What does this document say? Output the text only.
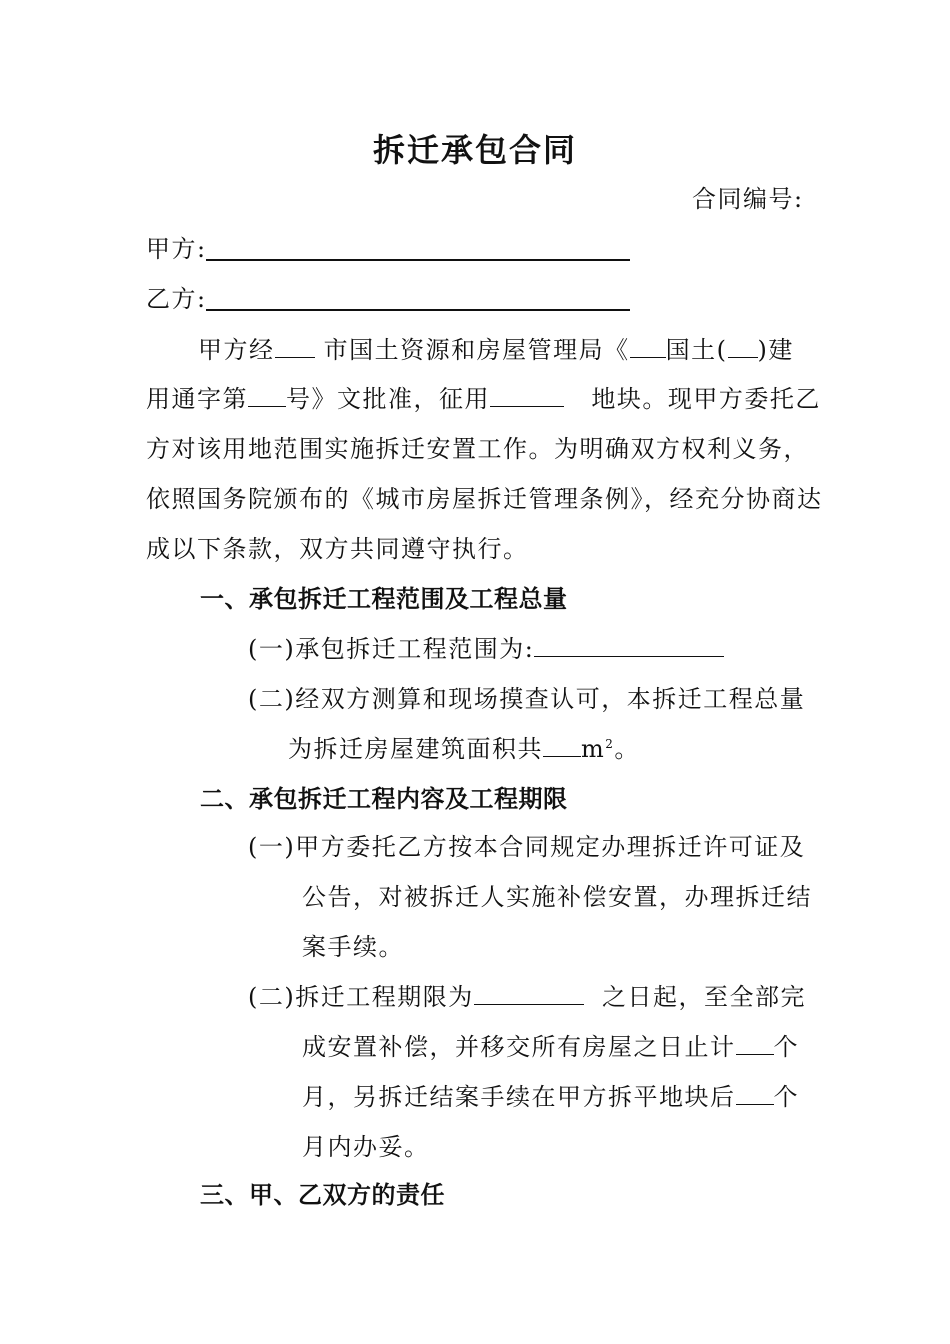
拆迁承包合同
合同编号:
甲方:
乙方:
甲方经 市国土资源和房屋管理局《 国土( )建
用通字第 号》文批准，征用	地块。现甲方委托乙
方对该用地范围实施拆迁安置工作。为明确双方权利义务，
依照国务院颁布的《城市房屋拆迁管理条例》，经充分协商达
成以下条款，双方共同遵守执行。
一、承包拆迁工程范围及工程总量
(一)承包拆迁工程范围为:
(二)经双方测算和现场摸查认可，本拆迁工程总量
为拆迁房屋建筑面积共 $m^2$。
二、承包拆迁工程内容及工程期限
(一)甲方委托乙方按本合同规定办理拆迁许可证及
公告，对被拆迁人实施补偿安置，办理拆迁结
案手续。
(二)拆迁工程期限为	之日起，至全部完
成安置补偿，并移交所有房屋之日止计 个
月，另拆迁结案手续在甲方拆平地块后 个
月内办妥。
三、甲、乙双方的责任
